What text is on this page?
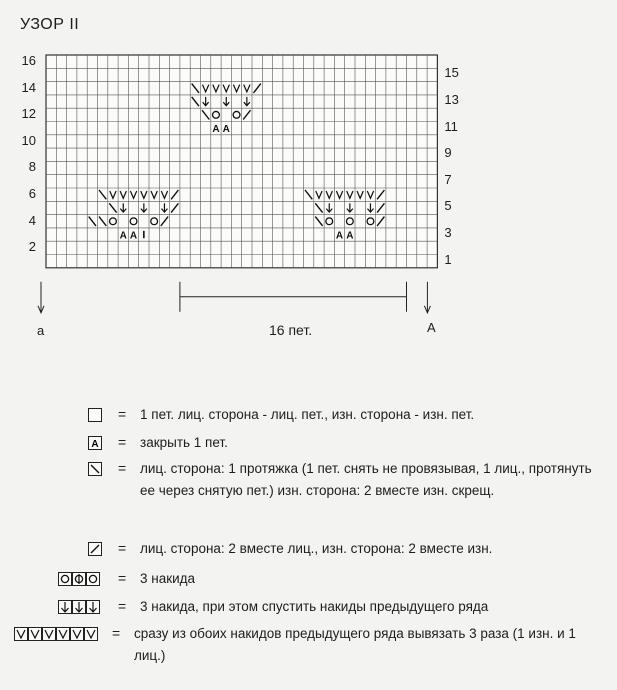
УЗОР II
16
14
12
10
8
6
4
2
15
13
11
9
7
5
3
1
A A
A A
A A
а	А
16 пет.
= 1 пет. лиц. сторона - лиц. пет., изн. сторона - изн. пет.
A = закрыть 1 пет.
= лиц. сторона: 1 протяжка (1 пет. снять не провязывая, 1 лиц., протянуть ее через снятую пет.) изн. сторона: 2 вместе изн. скрещ.
= лиц. сторона: 2 вместе лиц., изн. сторона: 2 вместе изн.
= 3 накида
= 3 накида, при этом спустить накиды предыдущего ряда
= сразу из обоих накидов предыдущего ряда вывязать 3 раза (1 изн. и 1 лиц.)
